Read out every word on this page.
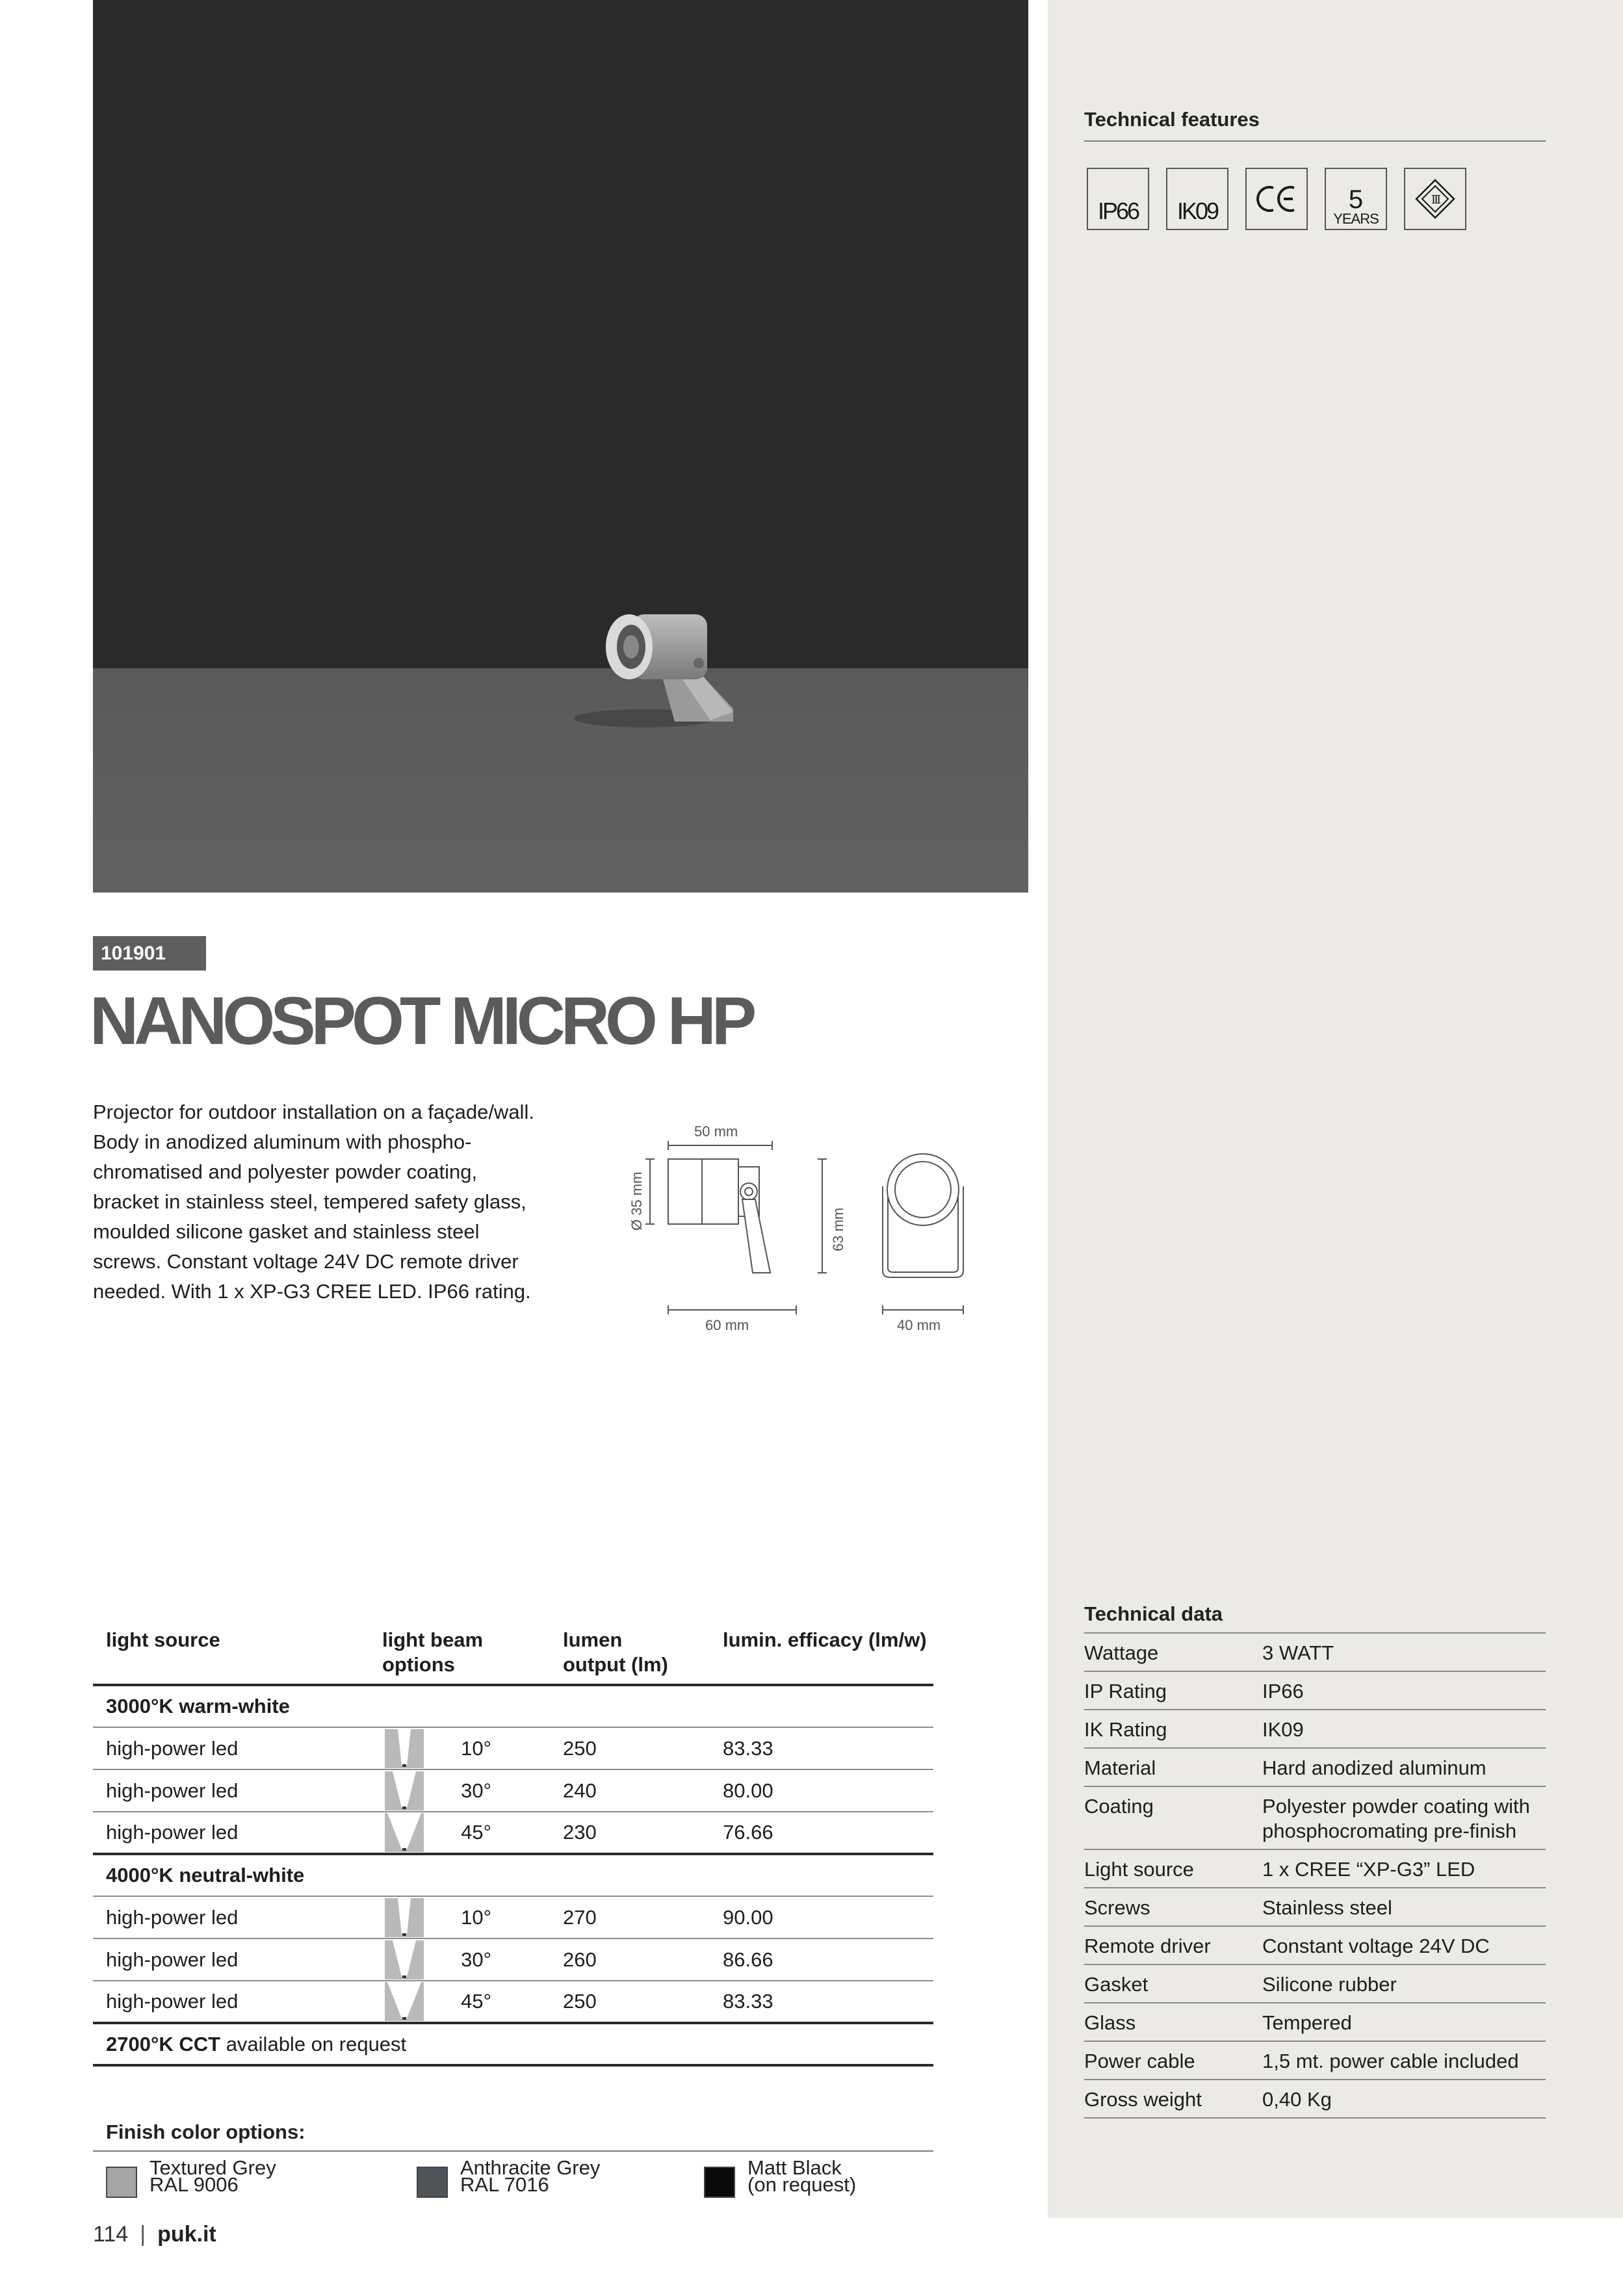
101901
NANOSPOT MICRO HP

Projector for outdoor installation on a façade/wall. Body in anodized aluminum with phospho-chromatised and polyester powder coating, bracket in stainless steel, tempered safety glass, moulded silicone gasket and stainless steel screws. Constant voltage 24V DC remote driver needed. With 1 x XP-G3 CREE LED. IP66 rating.

50 mm
Ø 35 mm	63 mm
60 mm	40 mm
Technical features
IP66	IK09	5
YEARS
III
Technical data
Wattage	3 WATT
IP Rating	IP66
IK Rating	IK09
Material	Hard anodized aluminum
Coating	Polyester powder coating with phosphocromating pre-finish
Light source	1 x CREE “XP-G3” LED
Screws	Stainless steel
Remote driver	Constant voltage 24V DC
Gasket	Silicone rubber
Glass	Tempered
Power cable	1,5 mt. power cable included
Gross weight	0,40 Kg
light source	light beam options	lumen output (lm)	lumin. efficacy (lm/w)
3000°K warm-white			
high-power led	10°	250	83.33
high-power led	30°	240	80.00
high-power led	45°	230	76.66
4000°K neutral-white			
high-power led	10°	270	90.00
high-power led	30°	260	86.66
high-power led	45°	250	83.33
2700°K CCT available on request			
Finish color options:
Textured Grey
RAL 9006
Anthracite Grey
RAL 7016
Matt Black
(on request)
114 | puk.it
